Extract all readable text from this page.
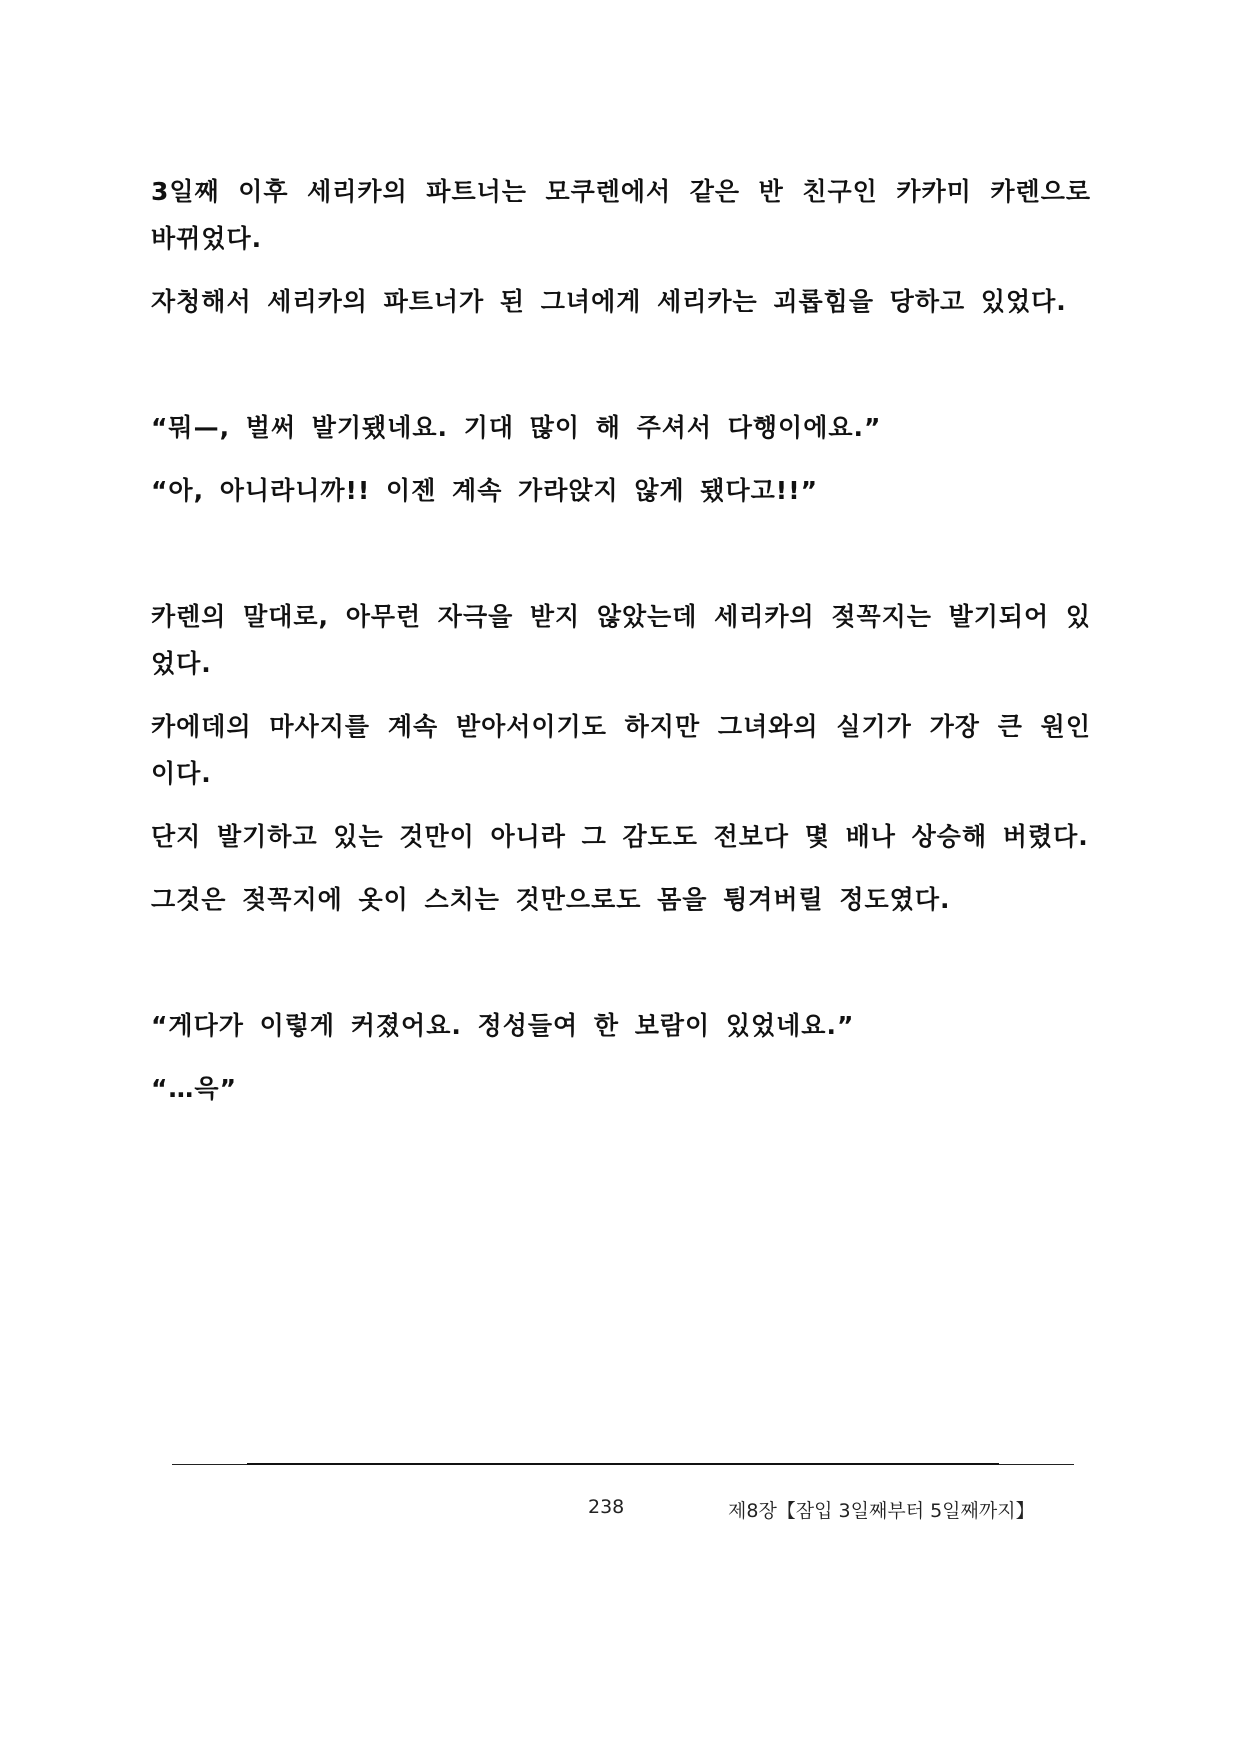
3일째 이후 세리카의 파트너는 모쿠렌에서 같은 반 친구인 카카미 카렌으로 바뀌었다.

자청해서 세리카의 파트너가 된 그녀에게 세리카는 괴롭힘을 당하고 있었다.

“뭐—, 벌써 발기됐네요. 기대 많이 해 주셔서 다행이에요.”

“아, 아니라니까!! 이젠 계속 가라앉지 않게 됐다고!!”

카렌의 말대로, 아무런 자극을 받지 않았는데 세리카의 젖꼭지는 발기되어 있었다.

카에데의 마사지를 계속 받아서이기도 하지만 그녀와의 실기가 가장 큰 원인이다.

단지 발기하고 있는 것만이 아니라 그 감도도 전보다 몇 배나 상승해 버렸다.

그것은 젖꼭지에 옷이 스치는 것만으로도 몸을 튕겨버릴 정도였다.

“게다가 이렇게 커졌어요. 정성들여 한 보람이 있었네요.”

“…윽”

238	제8장【잠입 3일째부터 5일째까지】
